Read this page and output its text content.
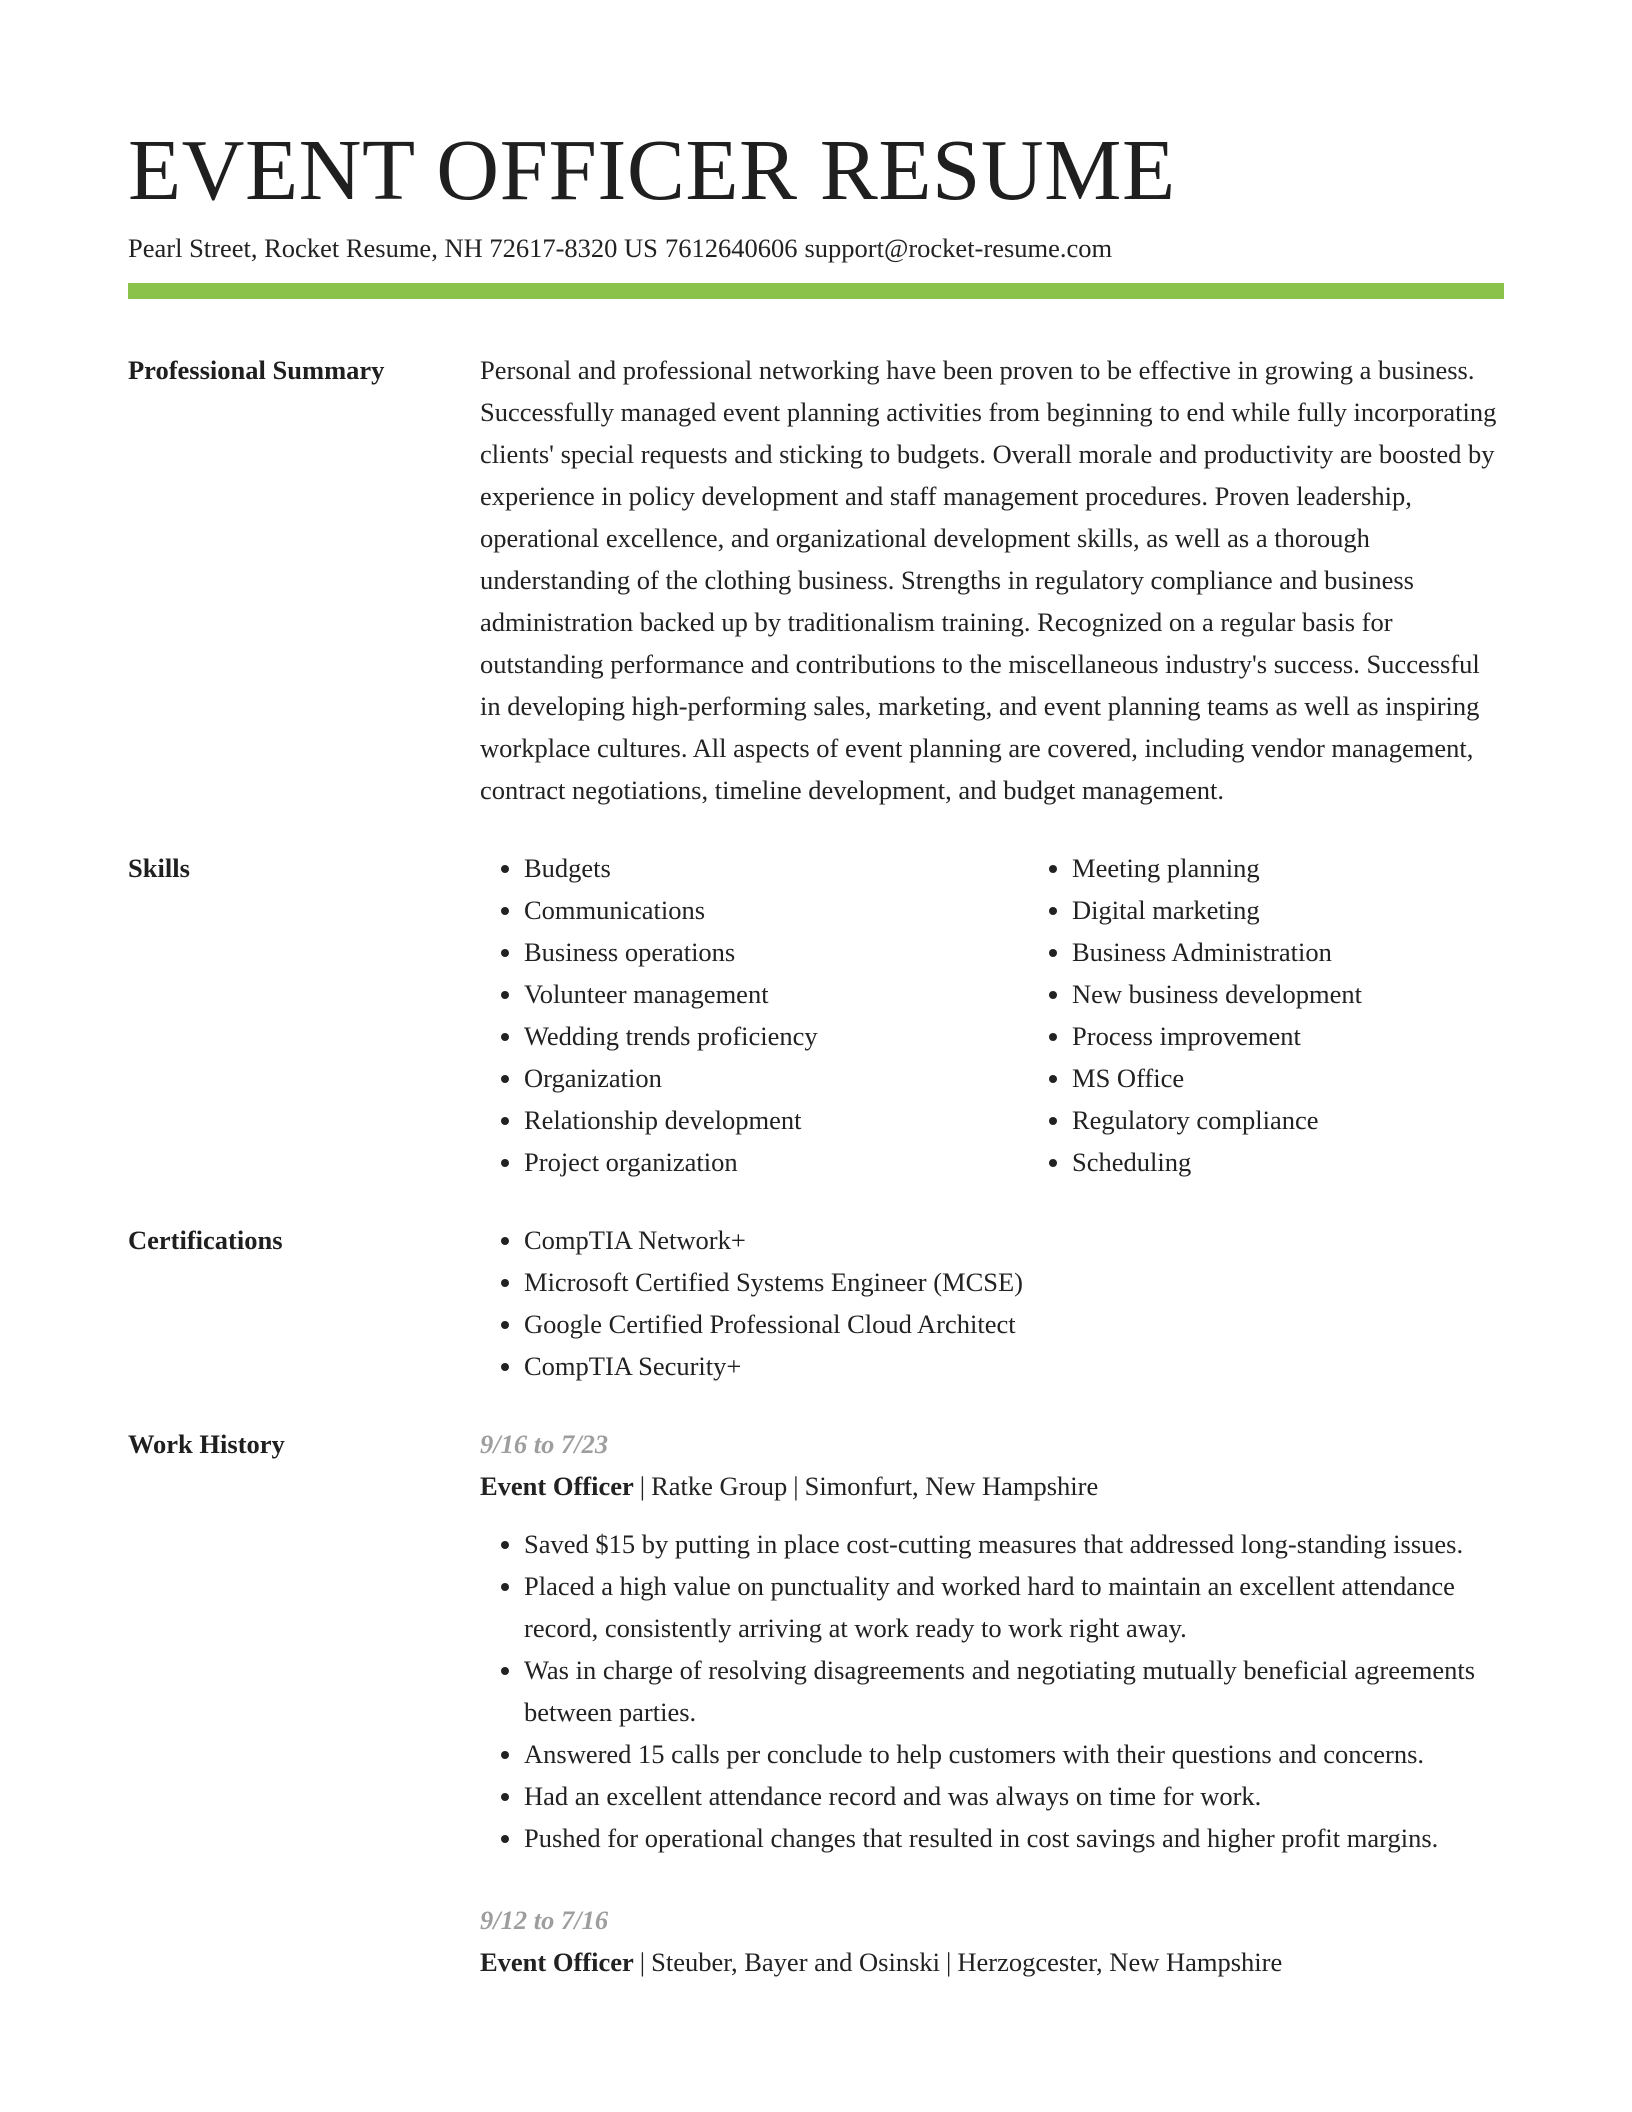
EVENT OFFICER RESUME
Pearl Street, Rocket Resume, NH 72617-8320 US 7612640606 support@rocket-resume.com
Professional Summary	Personal and professional networking have been proven to be effective in growing a business. Successfully managed event planning activities from beginning to end while fully incorporating clients' special requests and sticking to budgets. Overall morale and productivity are boosted by experience in policy development and staff management procedures. Proven leadership, operational excellence, and organizational development skills, as well as a thorough understanding of the clothing business. Strengths in regulatory compliance and business administration backed up by traditionalism training. Recognized on a regular basis for outstanding performance and contributions to the miscellaneous industry's success. Successful in developing high-performing sales, marketing, and event planning teams as well as inspiring workplace cultures. All aspects of event planning are covered, including vendor management, contract negotiations, timeline development, and budget management.

Skills	• Budgets
• Communications
• Business operations
• Volunteer management
• Wedding trends proficiency
• Organization
• Relationship development
• Project organization
• Meeting planning
• Digital marketing
• Business Administration
• New business development
• Process improvement
• MS Office
• Regulatory compliance
• Scheduling
Certifications	• CompTIA Network+
• Microsoft Certified Systems Engineer (MCSE)
• Google Certified Professional Cloud Architect
• CompTIA Security+
Work History	9/16 to 7/23
Event Officer | Ratke Group | Simonfurt, New Hampshire
• Saved $15 by putting in place cost-cutting measures that addressed long-standing issues.
• Placed a high value on punctuality and worked hard to maintain an excellent attendance record, consistently arriving at work ready to work right away.
• Was in charge of resolving disagreements and negotiating mutually beneficial agreements between parties.
• Answered 15 calls per conclude to help customers with their questions and concerns.
• Had an excellent attendance record and was always on time for work.
• Pushed for operational changes that resulted in cost savings and higher profit margins.
9/12 to 7/16
Event Officer | Steuber, Bayer and Osinski | Herzogcester, New Hampshire
